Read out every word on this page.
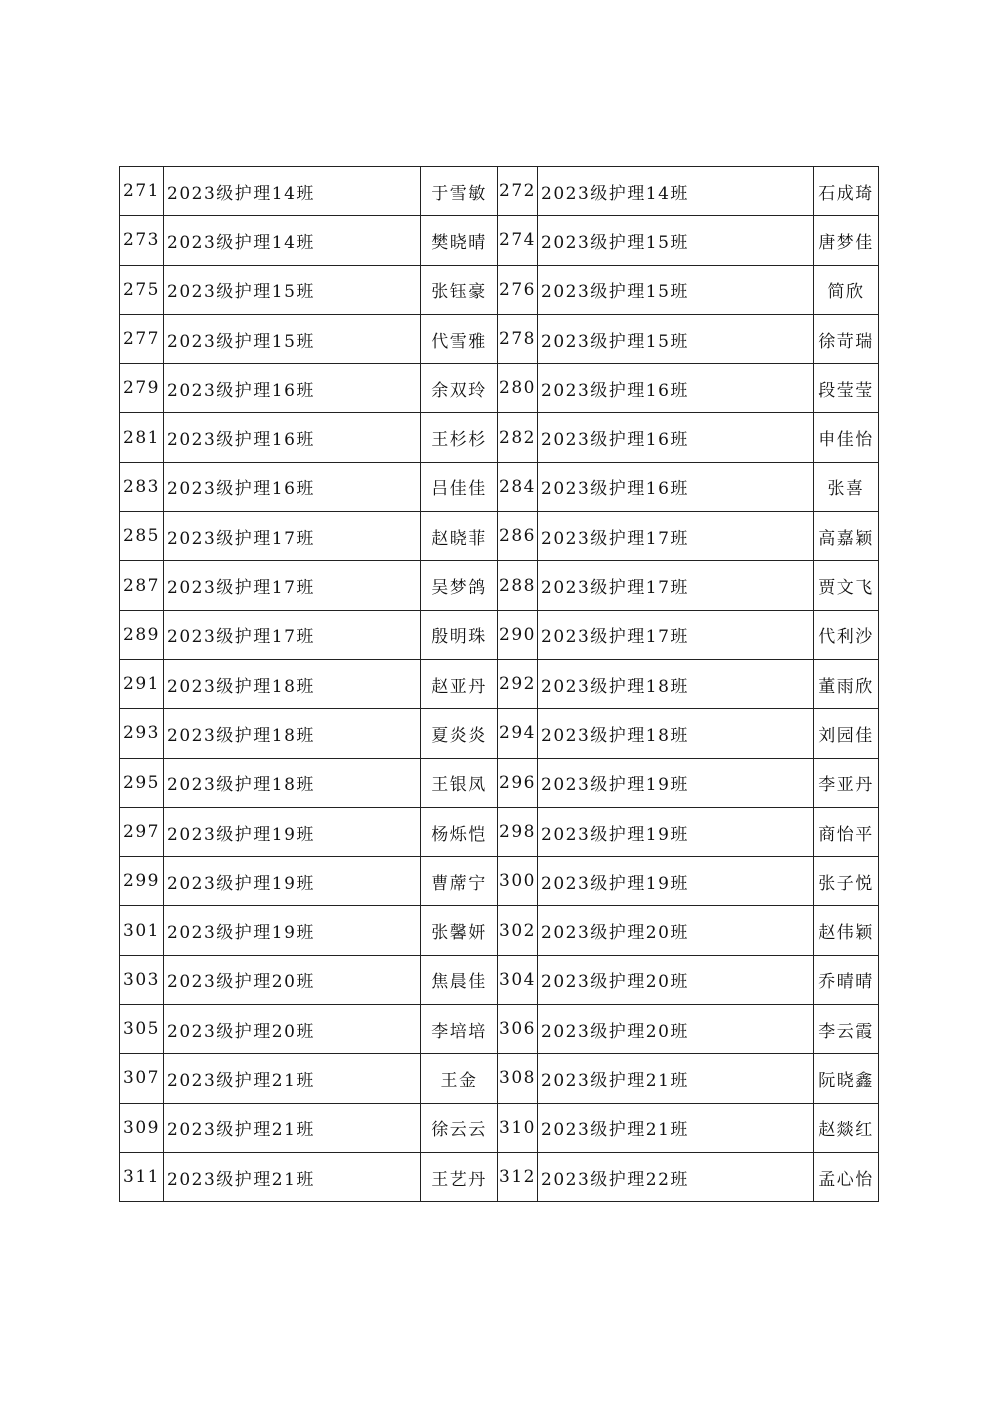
271	2023级护理14班	于雪敏	272	2023级护理14班	石成琦
273	2023级护理14班	樊晓晴	274	2023级护理15班	唐梦佳
275	2023级护理15班	张钰豪	276	2023级护理15班	简欣
277	2023级护理15班	代雪雅	278	2023级护理15班	徐苛瑞
279	2023级护理16班	余双玲	280	2023级护理16班	段莹莹
281	2023级护理16班	王杉杉	282	2023级护理16班	申佳怡
283	2023级护理16班	吕佳佳	284	2023级护理16班	张喜
285	2023级护理17班	赵晓菲	286	2023级护理17班	高嘉颖
287	2023级护理17班	吴梦鸽	288	2023级护理17班	贾文飞
289	2023级护理17班	殷明珠	290	2023级护理17班	代利沙
291	2023级护理18班	赵亚丹	292	2023级护理18班	董雨欣
293	2023级护理18班	夏炎炎	294	2023级护理18班	刘园佳
295	2023级护理18班	王银凤	296	2023级护理19班	李亚丹
297	2023级护理19班	杨烁恺	298	2023级护理19班	商怡平
299	2023级护理19班	曹蓆宁	300	2023级护理19班	张子悦
301	2023级护理19班	张馨妍	302	2023级护理20班	赵伟颖
303	2023级护理20班	焦晨佳	304	2023级护理20班	乔晴晴
305	2023级护理20班	李培培	306	2023级护理20班	李云霞
307	2023级护理21班	王金	308	2023级护理21班	阮晓鑫
309	2023级护理21班	徐云云	310	2023级护理21班	赵燚红
311	2023级护理21班	王艺丹	312	2023级护理22班	孟心怡
